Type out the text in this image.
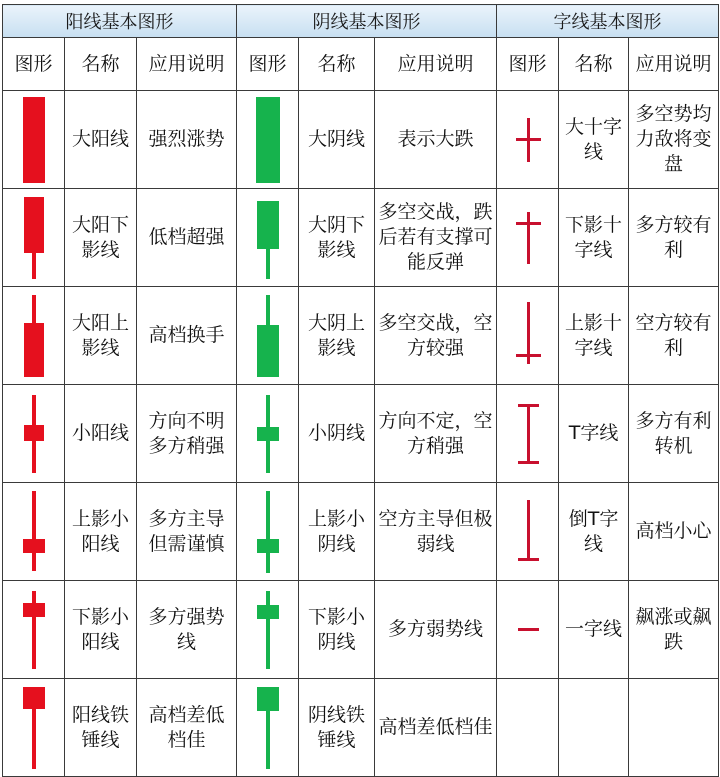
阳线基本图形			阴线基本图形			字线基本图形		
图形	名称	应用说明	图形	名称	应用说明	图形	名称	应用说明

	大阳线	强烈涨势		大阴线	表示大跌		大十字线	多空势均力敌将变盘

	大阳下影线	低档超强		大阴下影线	多空交战，跌后若有支撑可能反弹		下影十字线	多方较有利

	大阳上影线	高档换手		大阴上影线	多空交战，空方较强		上影十字线	空方较有利

	小阳线	方向不明多方稍强		小阴线	方向不定，空方稍强		T字线	多方有利转机

	上影小阳线	多方主导但需谨慎		上影小阴线	空方主导但极弱线		倒T字线	高档小心

	下影小阳线	多方强势线		下影小阴线	多方弱势线		一字线	飙涨或飙跌

	阳线铁锤线	高档差低档佳		阴线铁锤线	高档差低档佳			
